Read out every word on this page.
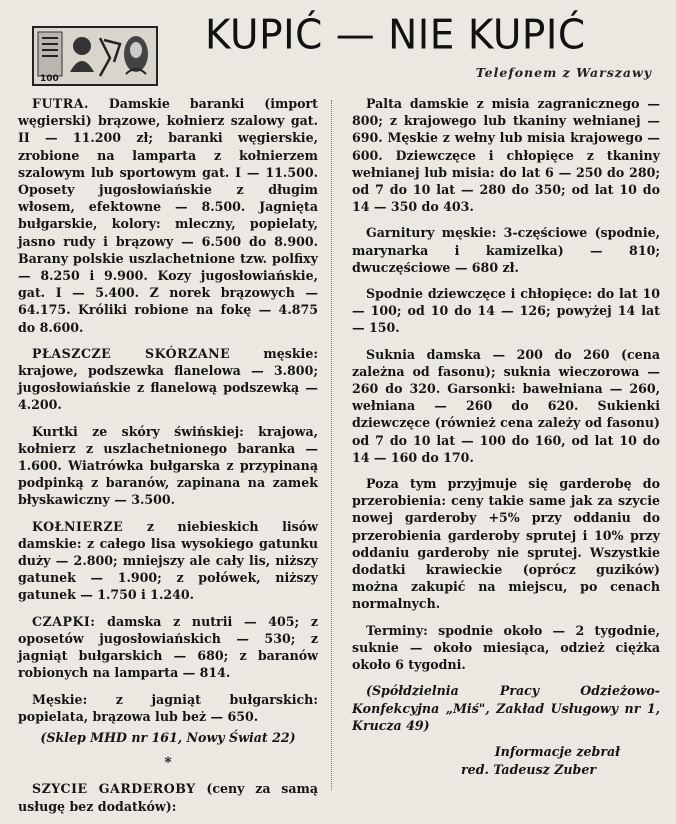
100
KUPIĆ — NIE KUPIĆ
Telefonem z Warszawy

FUTRA. Damskie baranki (import węgierski) brązowe, kołnierz szalowy gat. II — 11.200 zł; baranki węgierskie, zrobione na lamparta z kołnierzem szalowym lub sportowym gat. I — 11.500. Oposety jugosłowiańskie z długim włosem, efektowne — 8.500. Jagnięta bułgarskie, kolory: mleczny, popielaty, jasno rudy i brązowy — 6.500 do 8.900. Barany polskie uszlachetnione tzw. polfixy — 8.250 i 9.900. Kozy jugosłowiańskie, gat. I — 5.400. Z norek brązowych — 64.175. Króliki robione na fokę — 4.875 do 8.600.

PŁASZCZE SKÓRZANE męskie: krajowe, podszewka flanelowa — 3.800; jugosłowiańskie z flanelową podszewką — 4.200.

Kurtki ze skóry świńskiej: krajowa, kołnierz z uszlachetnionego baranka — 1.600. Wiatrówka bułgarska z przypinaną podpinką z baranów, zapinana na zamek błyskawiczny — 3.500.

KOŁNIERZE z niebieskich lisów damskie: z całego lisa wysokiego gatunku duży — 2.800; mniejszy ale cały lis, niższy gatunek — 1.900; z połówek, niższy gatunek — 1.750 i 1.240.

CZAPKI: damska z nutrii — 405; z oposetów jugosłowiańskich — 530; z jagniąt bułgarskich — 680; z baranów robionych na lamparta — 814.

Męskie: z jagniąt bułgarskich: popielata, brązowa lub beż — 650.

(Sklep MHD nr 161, Nowy Świat 22)

*

SZYCIE GARDEROBY (ceny za samą usługę bez dodatków):

Palta damskie z misia zagranicznego — 800; z krajowego lub tkaniny wełnianej — 690. Męskie z wełny lub misia krajowego — 600. Dziewczęce i chłopięce z tkaniny wełnianej lub misia: do lat 6 — 250 do 280; od 7 do 10 lat — 280 do 350; od lat 10 do 14 — 350 do 403.

Garnitury męskie: 3-częściowe (spodnie, marynarka i kamizelka) — 810; dwuczęściowe — 680 zł.

Spodnie dziewczęce i chłopięce: do lat 10 — 100; od 10 do 14 — 126; powyżej 14 lat — 150.

Suknia damska — 200 do 260 (cena zależna od fasonu); suknia wieczorowa — 260 do 320. Garsonki: bawełniana — 260, wełniana — 260 do 620. Sukienki dziewczęce (również cena zależy od fasonu) od 7 do 10 lat — 100 do 160, od lat 10 do 14 — 160 do 170.

Poza tym przyjmuje się garderobę do przerobienia: ceny takie same jak za szycie nowej garderoby +5% przy oddaniu do przerobienia garderoby sprutej i 10% przy oddaniu garderoby nie sprutej. Wszystkie dodatki krawieckie (oprócz guzików) można zakupić na miejscu, po cenach normalnych.

Terminy: spodnie około — 2 tygodnie, suknie — około miesiąca, odzież ciężka około 6 tygodni.

(Spółdzielnia Pracy Odzieżowo-Konfekcyjna „Miś", Zakład Usługowy nr 1, Krucza 49)

Informacje zebrał
red. Tadeusz Zuber
